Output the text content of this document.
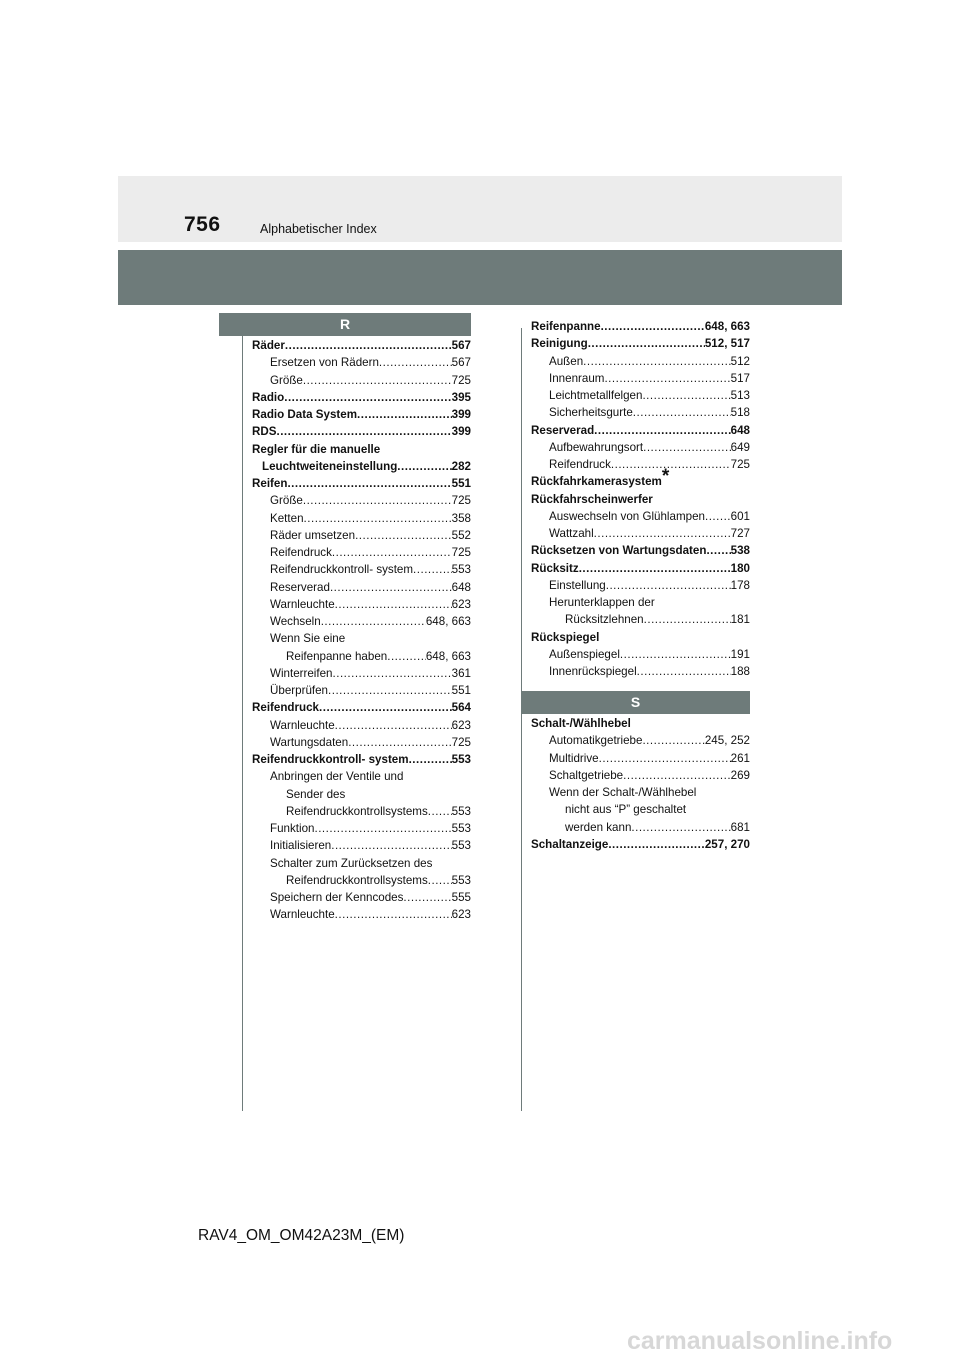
756	Alphabetischer Index
R
Räder .....	567
Ersetzen von Rädern .....	567
Größe .....	725
Radio .....	395
Radio Data System .....	399
RDS .....	399
Regler für die manuelle
Leuchtweiteneinstellung .....	282
Reifen .....	551
Größe .....	725
Ketten .....	358
Räder umsetzen .....	552
Reifendruck .....	725
Reifendruckkontroll- system .....	553
Reserverad .....	648
Warnleuchte .....	623
Wechseln .....	648, 663
Wenn Sie eine
Reifenpanne haben .....	648, 663
Winterreifen .....	361
Überprüfen .....	551
Reifendruck .....	564
Warnleuchte .....	623
Wartungsdaten .....	725
Reifendruckkontroll- system .....	553
Anbringen der Ventile und
Sender des
Reifendruckkontrollsystems ..... 553
Funktion .....	553
Initialisieren .....	553
Schalter zum Zurücksetzen des
Reifendruckkontrollsystems ..... 553
Speichern der Kenncodes .....	555
Warnleuchte .....	623
Reifenpanne .....	648, 663
Reinigung .....	512, 517
Außen .....	512
Innenraum .....	517
Leichtmetallfelgen .....	513
Sicherheitsgurte .....	518
Reserverad .....	648
Aufbewahrungsort .....	649
Reifendruck .....	725
Rückfahrkamerasystem *
Rückfahrscheinwerfer
Auswechseln von Glühlampen ..... 601
Wattzahl .....	727
Rücksetzen von Wartungsdaten ..... 538
Rücksitz .....	180
Einstellung .....	178
Herunterklappen der
Rücksitzlehnen .....	181
Rückspiegel
Außenspiegel .....	191
Innenrückspiegel .....	188
S
Schalt-/Wählhebel
Automatikgetriebe .....	245, 252
Multidrive .....	261
Schaltgetriebe .....	269
Wenn der Schalt-/Wählhebel
nicht aus “P” geschaltet
werden kann .....	681
Schaltanzeige .....	257, 270
RAV4_OM_OM42A23M_(EM)
carmanualsonline.info
